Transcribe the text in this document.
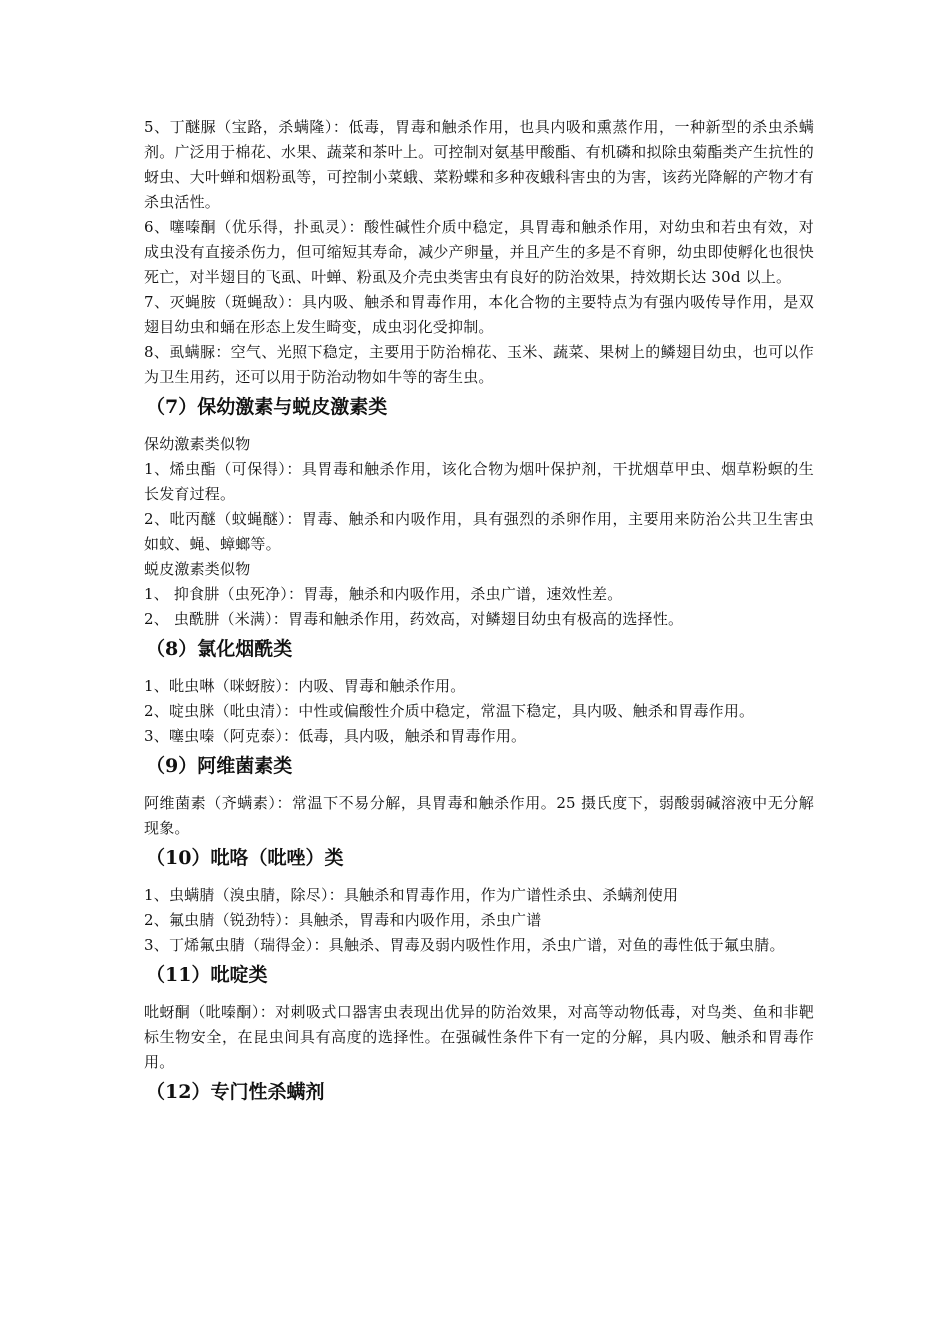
5、丁醚脲（宝路，杀螨隆）：低毒，胃毒和触杀作用，也具内吸和熏蒸作用，一种新型的杀虫杀螨剂。广泛用于棉花、水果、蔬菜和茶叶上。可控制对氨基甲酸酯、有机磷和拟除虫菊酯类产生抗性的蚜虫、大叶蝉和烟粉虱等，可控制小菜蛾、菜粉蝶和多种夜蛾科害虫的为害，该药光降解的产物才有杀虫活性。

6、噻嗪酮（优乐得，扑虱灵）：酸性碱性介质中稳定，具胃毒和触杀作用，对幼虫和若虫有效，对成虫没有直接杀伤力，但可缩短其寿命，减少产卵量，并且产生的多是不育卵，幼虫即使孵化也很快死亡，对半翅目的飞虱、叶蝉、粉虱及介壳虫类害虫有良好的防治效果，持效期长达 30d 以上。

7、灭蝇胺（斑蝇敌）：具内吸、触杀和胃毒作用，本化合物的主要特点为有强内吸传导作用，是双翅目幼虫和蛹在形态上发生畸变，成虫羽化受抑制。

8、虱螨脲：空气、光照下稳定，主要用于防治棉花、玉米、蔬菜、果树上的鳞翅目幼虫，也可以作为卫生用药，还可以用于防治动物如牛等的寄生虫。

（7）保幼激素与蜕皮激素类

保幼激素类似物

1、烯虫酯（可保得）：具胃毒和触杀作用，该化合物为烟叶保护剂，干扰烟草甲虫、烟草粉螟的生长发育过程。

2、吡丙醚（蚊蝇醚）：胃毒、触杀和内吸作用，具有强烈的杀卵作用，主要用来防治公共卫生害虫如蚊、蝇、蟑螂等。

蜕皮激素类似物

1、 抑食肼（虫死净）：胃毒，触杀和内吸作用，杀虫广谱，速效性差。

2、 虫酰肼（米满）：胃毒和触杀作用，药效高，对鳞翅目幼虫有极高的选择性。

（8）氯化烟酰类

1、吡虫啉（咪蚜胺）：内吸、胃毒和触杀作用。

2、啶虫脒（吡虫清）：中性或偏酸性介质中稳定，常温下稳定，具内吸、触杀和胃毒作用。

3、噻虫嗪（阿克泰）：低毒，具内吸，触杀和胃毒作用。

（9）阿维菌素类

阿维菌素（齐螨素）：常温下不易分解，具胃毒和触杀作用。25 摄氏度下，弱酸弱碱溶液中无分解现象。

（10）吡咯（吡唑）类

1、虫螨腈（溴虫腈，除尽）：具触杀和胃毒作用，作为广谱性杀虫、杀螨剂使用

2、氟虫腈（锐劲特）：具触杀，胃毒和内吸作用，杀虫广谱

3、丁烯氟虫腈（瑞得金）：具触杀、胃毒及弱内吸性作用，杀虫广谱，对鱼的毒性低于氟虫腈。

（11）吡啶类

吡蚜酮（吡嗪酮）：对刺吸式口器害虫表现出优异的防治效果，对高等动物低毒，对鸟类、鱼和非靶标生物安全，在昆虫间具有高度的选择性。在强碱性条件下有一定的分解，具内吸、触杀和胃毒作用。

（12）专门性杀螨剂
